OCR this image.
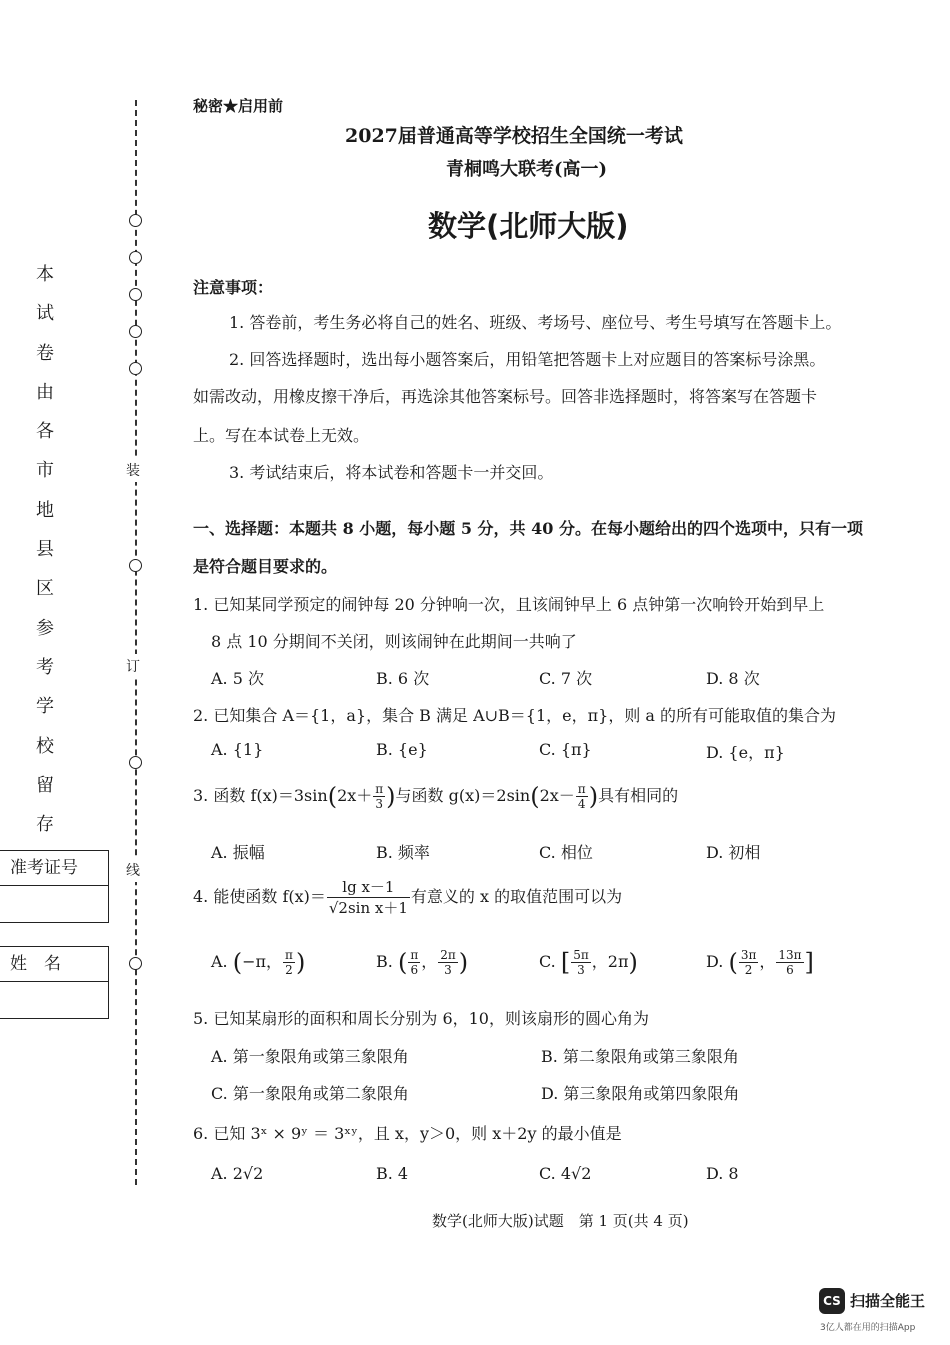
装
订
线
本试卷由各市地县区参考学校留存
准考证号
姓　名
秘密★启用前
2027届普通高等学校招生全国统一考试
青桐鸣大联考(高一)
数学(北师大版)
注意事项：
1. 答卷前，考生务必将自己的姓名、班级、考场号、座位号、考生号填写在答题卡上。
2. 回答选择题时，选出每小题答案后，用铅笔把答题卡上对应题目的答案标号涂黑。
如需改动，用橡皮擦干净后，再选涂其他答案标号。回答非选择题时，将答案写在答题卡
上。写在本试卷上无效。
3. 考试结束后，将本试卷和答题卡一并交回。
一、选择题：本题共 8 小题，每小题 5 分，共 40 分。在每小题给出的四个选项中，只有一项
是符合题目要求的。
1. 已知某同学预定的闹钟每 20 分钟响一次，且该闹钟早上 6 点钟第一次响铃开始到早上
8 点 10 分期间不关闭，则该闹钟在此期间一共响了
A. 5 次	B. 6 次	C. 7 次	D. 8 次
2. 已知集合 A＝{1，a}，集合 B 满足 A∪B＝{1，e，π}，则 a 的所有可能取值的集合为
A. {1}	B. {e}	C. {π}	D. {e，π}
3. 函数 $f(x)=3\sin(2x+ \frac{\pi}{3}$ )与函数 $g(x)=2\sin(2x- \frac{\pi}{4}$ )具有相同的
A. 振幅	B. 频率	C. 相位	D. 初相
4. 能使函数 $f(x)= \frac{\text{lg x－1}}{\text{√2sin x＋1}}$ 有意义的 x 的取值范围可以为
A. (−π， $\frac{\pi}{2}$ )	B. ( $\frac{\pi}{6}$ ， $\frac{2\pi}{3}$ )	C. [ $\frac{5\pi}{3}$ ，2π)	D. ( $\frac{3\pi}{2}$ ， $\frac{13\pi}{6}$ ]
5. 已知某扇形的面积和周长分别为 6，10，则该扇形的圆心角为
A. 第一象限角或第三象限角	B. 第二象限角或第三象限角
C. 第一象限角或第二象限角	D. 第三象限角或第四象限角
6. 已知 3ˣ × 9ʸ ＝ 3ˣʸ，且 x，y＞0，则 x＋2y 的最小值是
A. 2√2	B. 4	C. 4√2	D. 8
数学(北师大版)试题　第 1 页(共 4 页)
CS 扫描全能王
3亿人都在用的扫描App
